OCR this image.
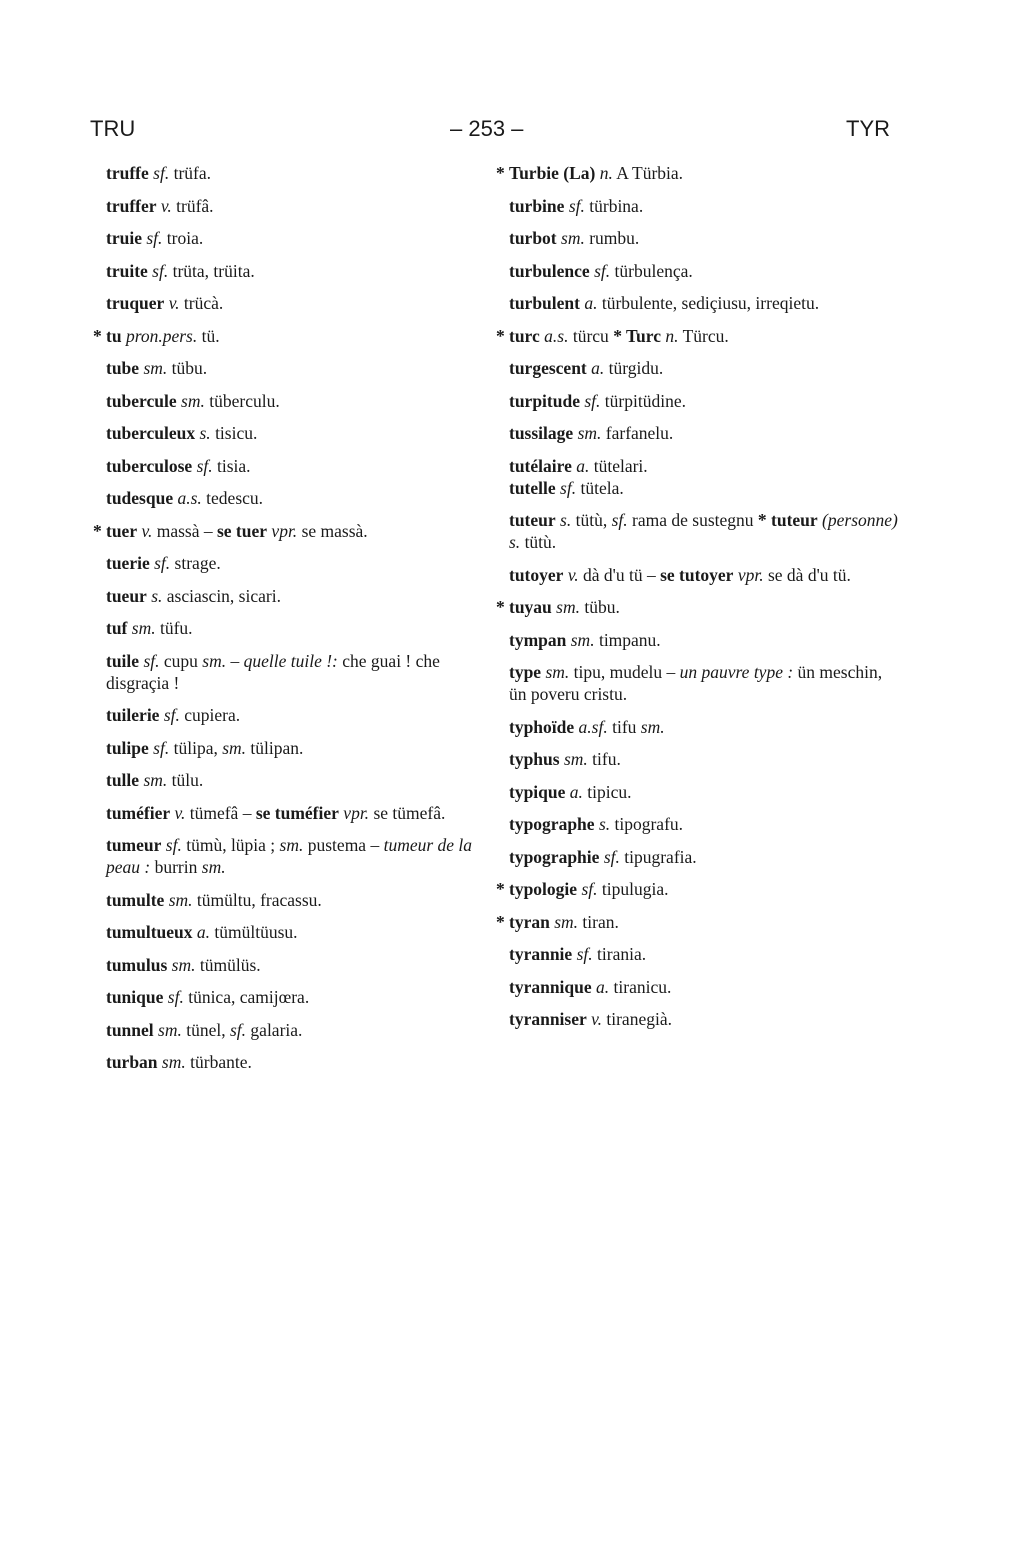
TRU	– 253 –	TYR
truffe sf. trüfa.
truffer v. trüfâ.
truie sf. troia.
truite sf. trüta, trüita.
truquer v. trücà.
* tu pron.pers. tü.
tube sm. tübu.
tubercule sm. tüberculu.
tuberculeux s. tisicu.
tuberculose sf. tisia.
tudesque a.s. tedescu.
* tuer v. massà – se tuer vpr. se massà.
tuerie sf. strage.
tueur s. asciascin, sicari.
tuf sm. tüfu.
tuile sf. cupu sm. – quelle tuile !: che guai ! che disgraçia !
tuilerie sf. cupiera.
tulipe sf. tülipa, sm. tülipan.
tulle sm. tülu.
tuméfier v. tümefâ – se tuméfier vpr. se tümefâ.
tumeur sf. tümù, lüpia ; sm. pustema – tumeur de la peau : burrin sm.
tumulte sm. tümültu, fracassu.
tumultueux a. tümültüusu.
tumulus sm. tümülüs.
tunique sf. tünica, camijœra.
tunnel sm. tünel, sf. galaria.
turban sm. türbante.
* Turbie (La) n. A Türbia.
turbine sf. türbina.
turbot sm. rumbu.
turbulence sf. türbulença.
turbulent a. türbulente, sediçiusu, irreqietu.
* turc a.s. türcu * Turc n. Türcu.
turgescent a. türgidu.
turpitude sf. türpitüdine.
tussilage sm. farfanelu.
tutélaire a. tütelari.
tutelle sf. tütela.
tuteur s. tütù, sf. rama de sustegnu * tuteur (personne) s. tütù.
tutoyer v. dà d'u tü – se tutoyer vpr. se dà d'u tü.
* tuyau sm. tübu.
tympan sm. timpanu.
type sm. tipu, mudelu – un pauvre type : ün meschin, ün poveru cristu.
typhoïde a.sf. tifu sm.
typhus sm. tifu.
typique a. tipicu.
typographe s. tipografu.
typographie sf. tipugrafia.
* typologie sf. tipulugia.
* tyran sm. tiran.
tyrannie sf. tirania.
tyrannique a. tiranicu.
tyranniser v. tiranegià.
